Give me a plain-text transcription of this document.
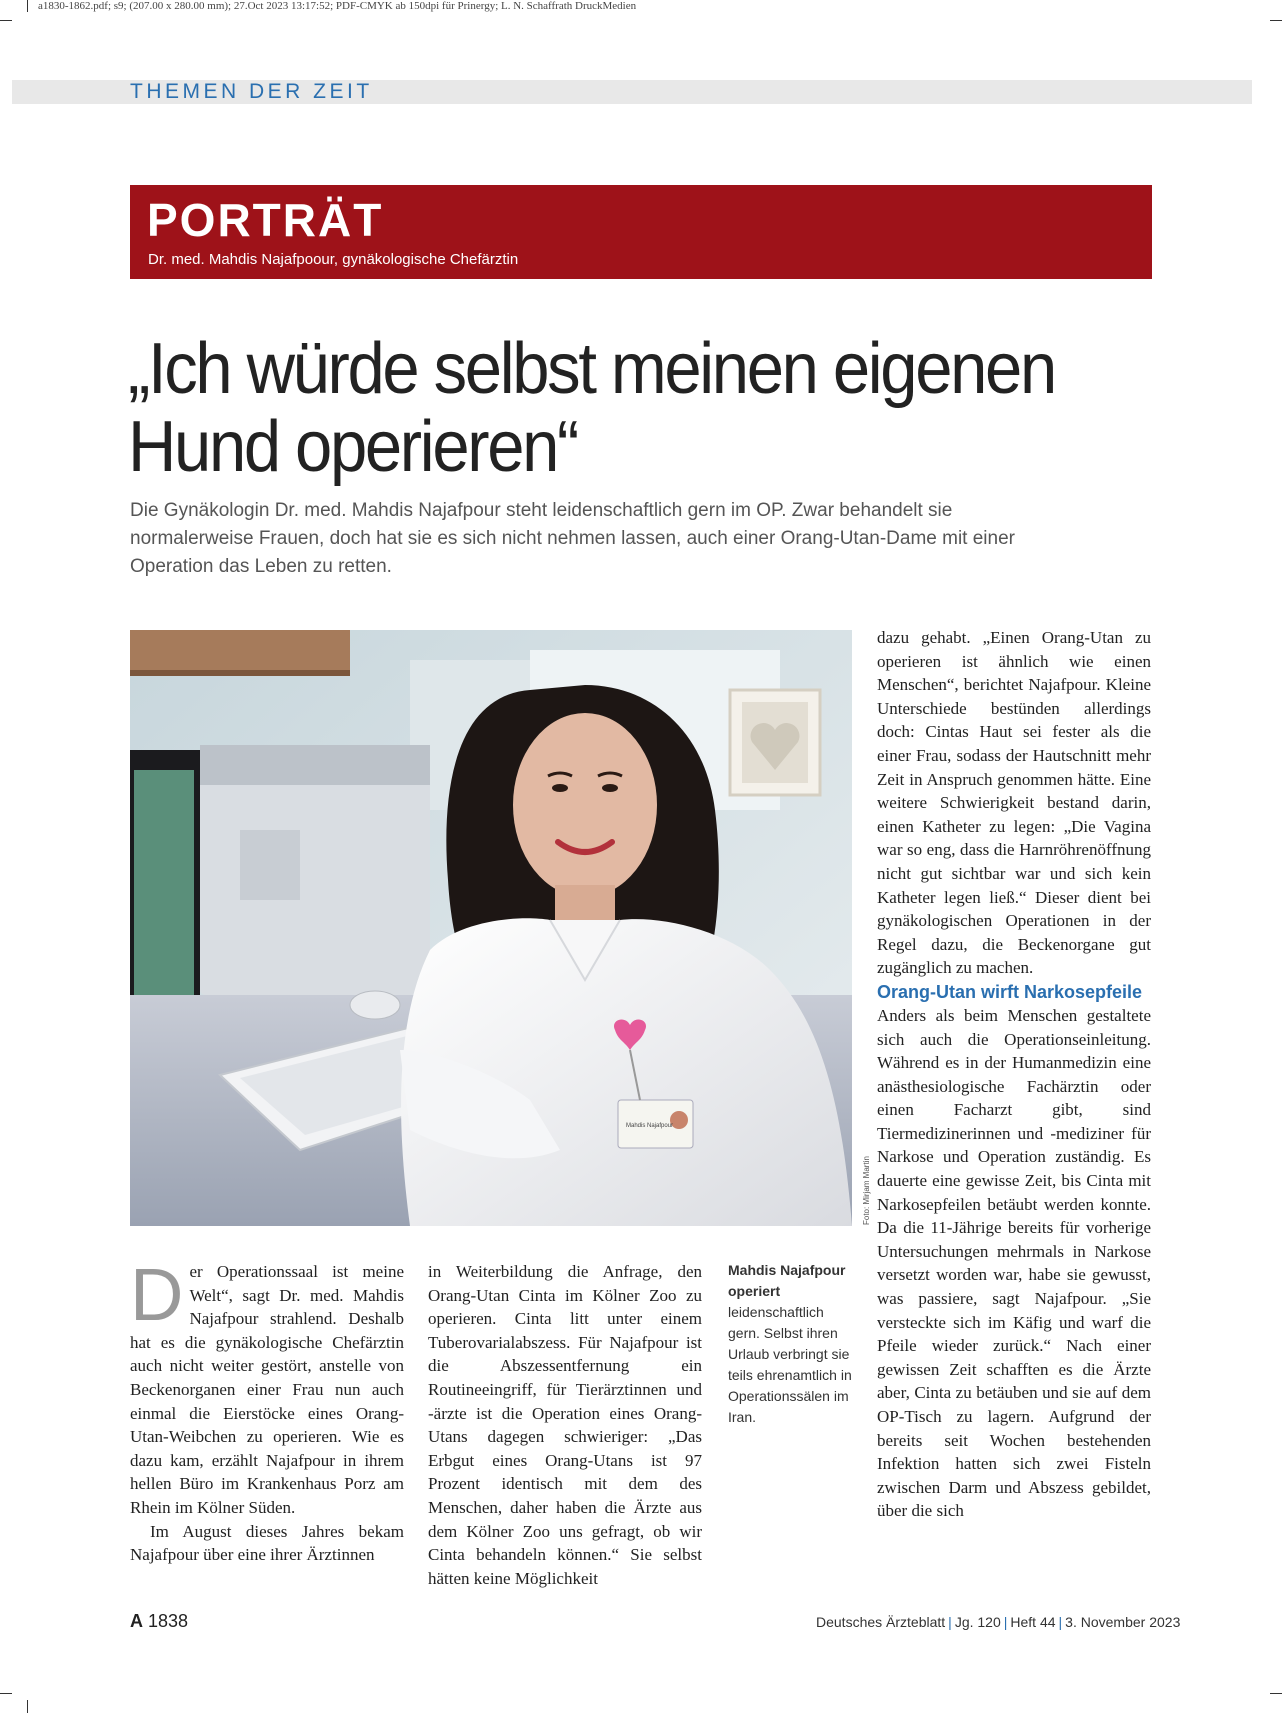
a1830-1862.pdf; s9; (207.00 x 280.00 mm); 27.Oct 2023 13:17:52; PDF-CMYK ab 150dpi für Prinergy; L. N. Schaffrath DruckMedien
THEMEN DER ZEIT
PORTRÄT
Dr. med. Mahdis Najafpoour, gynäkologische Chefärztin
„Ich würde selbst meinen eigenen Hund operieren“
Die Gynäkologin Dr. med. Mahdis Najafpour steht leidenschaftlich gern im OP. Zwar behandelt sie normalerweise Frauen, doch hat sie es sich nicht nehmen lassen, auch einer Orang-Utan-Dame mit einer Operation das Leben zu retten.
Mahdis Najafpour
Foto: Mirjam Martin

Der Operationssaal ist meine Welt“, sagt Dr. med. Mahdis Najafpour strahlend. Deshalb hat es die gynäkologische Chefärztin auch nicht weiter gestört, anstelle von Beckenorganen einer Frau nun auch einmal die Eierstöcke eines Orang-Utan-Weibchen zu operieren. Wie es dazu kam, erzählt Najafpour in ihrem hellen Büro im Krankenhaus Porz am Rhein im Kölner Süden.

Im August dieses Jahres bekam Najafpour über eine ihrer Ärztinnen

in Weiterbildung die Anfrage, den Orang-Utan Cinta im Kölner Zoo zu operieren. Cinta litt unter einem Tuberovarialabszess. Für Najafpour ist die Abszessentfernung ein Routineeingriff, für Tierärztinnen und -ärzte ist die Operation eines Orang-Utans dagegen schwieriger: „Das Erbgut eines Orang-Utans ist 97 Prozent identisch mit dem des Menschen, daher haben die Ärzte aus dem Kölner Zoo uns gefragt, ob wir Cinta behandeln können.“ Sie selbst hätten keine Möglichkeit

Mahdis Najafpour operiert leidenschaftlich gern. Selbst ihren Urlaub verbringt sie teils ehrenamtlich in Operationssälen im Iran.

dazu gehabt. „Einen Orang-Utan zu operieren ist ähnlich wie einen Menschen“, berichtet Najafpour. Kleine Unterschiede bestünden allerdings doch: Cintas Haut sei fester als die einer Frau, sodass der Hautschnitt mehr Zeit in Anspruch genommen hätte. Eine weitere Schwierigkeit bestand darin, einen Katheter zu legen: „Die Vagina war so eng, dass die Harnröhrenöffnung nicht gut sichtbar war und sich kein Katheter legen ließ.“ Dieser dient bei gynäkologischen Operationen in der Regel dazu, die Beckenorgane gut zugänglich zu machen.

Orang-Utan wirft Narkosepfeile

Anders als beim Menschen gestaltete sich auch die Operationseinleitung. Während es in der Humanmedizin eine anästhesiologische Fachärztin oder einen Facharzt gibt, sind Tiermedizinerinnen und -mediziner für Narkose und Operation zuständig. Es dauerte eine gewisse Zeit, bis Cinta mit Narkosepfeilen betäubt werden konnte. Da die 11-Jährige bereits für vorherige Untersuchungen mehrmals in Narkose versetzt worden war, habe sie gewusst, was passiere, sagt Najafpour. „Sie versteckte sich im Käfig und warf die Pfeile wieder zurück.“ Nach einer gewissen Zeit schafften es die Ärzte aber, Cinta zu betäuben und sie auf dem OP-Tisch zu lagern. Aufgrund der bereits seit Wochen bestehenden Infektion hatten sich zwei Fisteln zwischen Darm und Abszess gebildet, über die sich

A 1838	Deutsches Ärzteblatt | Jg. 120 | Heft 44 | 3. November 2023
